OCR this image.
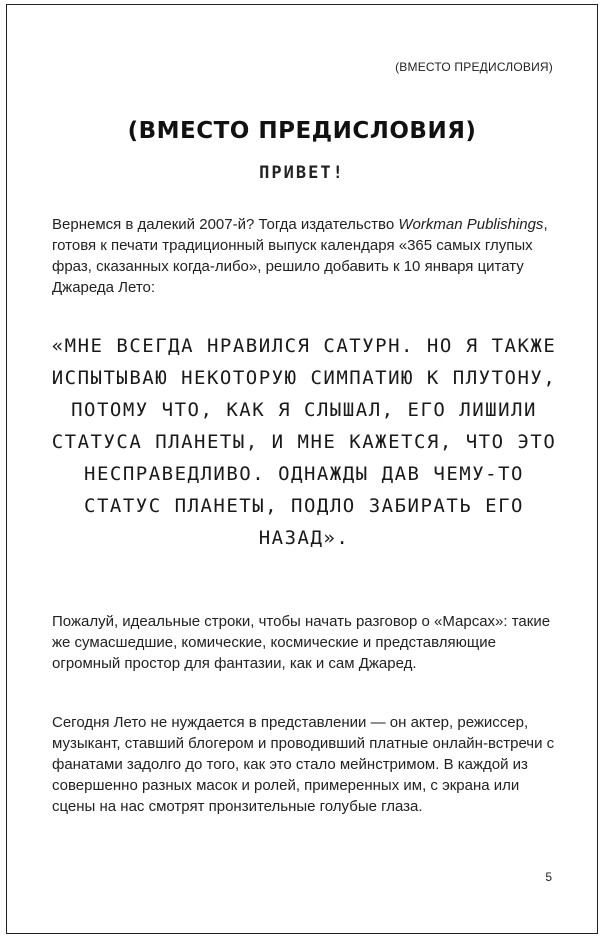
(ВМЕСТО ПРЕДИСЛОВИЯ)
(ВМЕСТО ПРЕДИСЛОВИЯ)
ПРИВЕТ!

Вернемся в далекий 2007-й? Тогда издательство Workman Publishings, готовя к печати традиционный выпуск календаря «365 самых глупых фраз, сказанных когда-либо», решило добавить к 10 января цитату Джареда Лето:

«МНЕ ВСЕГДА НРАВИЛСЯ САТУРН. НО Я ТАКЖЕ ИСПЫТЫВАЮ НЕКОТОРУЮ СИМПАТИЮ К ПЛУТОНУ, ПОТОМУ ЧТО, КАК Я СЛЫШАЛ, ЕГО ЛИШИЛИ СТАТУСА ПЛАНЕТЫ, И МНЕ КАЖЕТСЯ, ЧТО ЭТО НЕСПРАВЕДЛИВО. ОДНАЖДЫ ДАВ ЧЕМУ-ТО СТАТУС ПЛАНЕТЫ, ПОДЛО ЗАБИРАТЬ ЕГО НАЗАД».

Пожалуй, идеальные строки, чтобы начать разговор о «Марсах»: такие же сумасшедшие, комические, космические и представляющие огромный простор для фантазии, как и сам Джаред.

Сегодня Лето не нуждается в представлении — он актер, режиссер, музыкант, ставший блогером и проводивший платные онлайн-встречи с фанатами задолго до того, как это стало мейнстримом. В каждой из совершенно разных масок и ролей, примеренных им, с экрана или сцены на нас смотрят пронзительные голубые глаза.

5
